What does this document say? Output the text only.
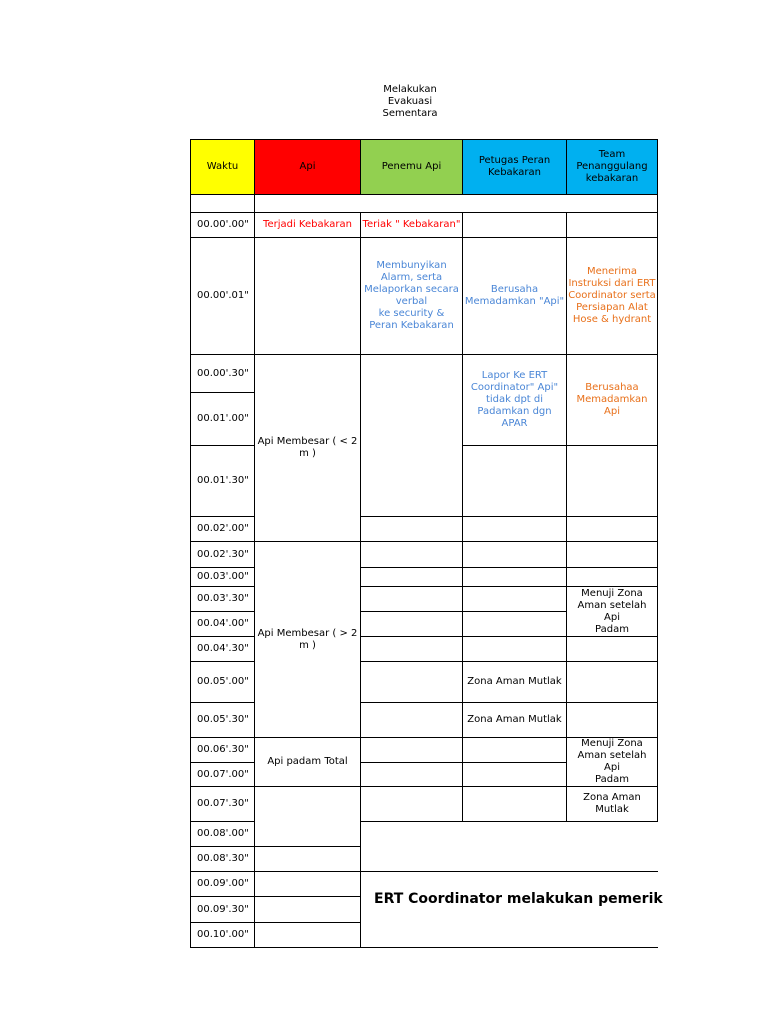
Melakukan
Evakuasi
Sementara
Waktu	Api	Penemu Api
Petugas Peran
Kebakaran
Team
Penanggulang
kebakaran
00.00'.00"
00.00'.01"
00.00'.30"
00.01'.00"
00.01'.30"
00.02'.00"
00.02'.30"
00.03'.00"
00.03'.30"
00.04'.00"
00.04'.30"
00.05'.00"
00.05'.30"
00.06'.30"
00.07'.00"
00.07'.30"
00.08'.00"
00.08'.30"
00.09'.00"
00.09'.30"
00.10'.00"
Terjadi Kebakaran
Api Membesar ( < 2
m )
Api Membesar ( > 2
m )
Api padam Total
Teriak " Kebakaran"
Membunyikan
Alarm, serta
Melaporkan secara
verbal
ke security &
Peran Kebakaran
Berusaha
Memadamkan "Api"
Lapor Ke ERT
Coordinator" Api"
tidak dpt di
Padamkan dgn
APAR
Zona Aman Mutlak
Zona Aman Mutlak
Menerima
Instruksi dari ERT
Coordinator serta
Persiapan Alat
Hose & hydrant
Berusahaa
Memadamkan
Api
Menuji Zona
Aman setelah Api
Padam
Menuji Zona
Aman setelah Api
Padam
Zona Aman
Mutlak
ERT Coordinator melakukan pemerik
